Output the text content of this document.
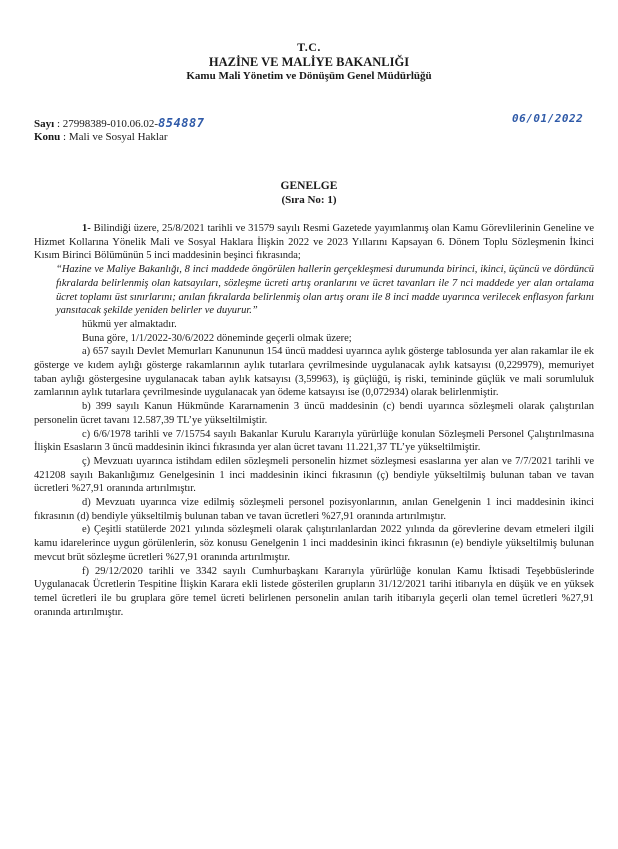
T.C.
HAZİNE VE MALİYE BAKANLIĞI
Kamu Mali Yönetim ve Dönüşüm Genel Müdürlüğü
Sayı : 27998389-010.06.02-854887	06/01/2022
Konu : Mali ve Sosyal Haklar
GENELGE
(Sıra No: 1)

1- Bilindiği üzere, 25/8/2021 tarihli ve 31579 sayılı Resmi Gazetede yayımlanmış olan Kamu Görevlilerinin Geneline ve Hizmet Kollarına Yönelik Mali ve Sosyal Haklara İlişkin 2022 ve 2023 Yıllarını Kapsayan 6. Dönem Toplu Sözleşmenin İkinci Kısım Birinci Bölümünün 5 inci maddesinin beşinci fıkrasında;

“Hazine ve Maliye Bakanlığı, 8 inci maddede öngörülen hallerin gerçekleşmesi durumunda birinci, ikinci, üçüncü ve dördüncü fıkralarda belirlenmiş olan katsayıları, sözleşme ücreti artış oranlarını ve ücret tavanları ile 7 nci maddede yer alan ortalama ücret toplamı üst sınırlarını; anılan fıkralarda belirlenmiş olan artış oranı ile 8 inci madde uyarınca verilecek enflasyon farkını yansıtacak şekilde yeniden belirler ve duyurur.”

hükmü yer almaktadır.

Buna göre, 1/1/2022-30/6/2022 döneminde geçerli olmak üzere;

a) 657 sayılı Devlet Memurları Kanununun 154 üncü maddesi uyarınca aylık gösterge tablosunda yer alan rakamlar ile ek gösterge ve kıdem aylığı gösterge rakamlarının aylık tutarlara çevrilmesinde uygulanacak aylık katsayısı (0,229979), memuriyet taban aylığı göstergesine uygulanacak taban aylık katsayısı (3,59963), iş güçlüğü, iş riski, temininde güçlük ve mali sorumluluk zamlarının aylık tutarlara çevrilmesinde uygulanacak yan ödeme katsayısı ise (0,072934) olarak belirlenmiştir.

b) 399 sayılı Kanun Hükmünde Kararnamenin 3 üncü maddesinin (c) bendi uyarınca sözleşmeli olarak çalıştırılan personelin ücret tavanı 12.587,39 TL’ye yükseltilmiştir.

c) 6/6/1978 tarihli ve 7/15754 sayılı Bakanlar Kurulu Kararıyla yürürlüğe konulan Sözleşmeli Personel Çalıştırılmasına İlişkin Esasların 3 üncü maddesinin ikinci fıkrasında yer alan ücret tavanı 11.221,37 TL’ye yükseltilmiştir.

ç) Mevzuatı uyarınca istihdam edilen sözleşmeli personelin hizmet sözleşmesi esaslarına yer alan ve 7/7/2021 tarihli ve 421208 sayılı Bakanlığımız Genelgesinin 1 inci maddesinin ikinci fıkrasının (ç) bendiyle yükseltilmiş bulunan taban ve tavan ücretleri %27,91 oranında artırılmıştır.

d) Mevzuatı uyarınca vize edilmiş sözleşmeli personel pozisyonlarının, anılan Genelgenin 1 inci maddesinin ikinci fıkrasının (d) bendiyle yükseltilmiş bulunan taban ve tavan ücretleri %27,91 oranında artırılmıştır.

e) Çeşitli statülerde 2021 yılında sözleşmeli olarak çalıştırılanlardan 2022 yılında da görevlerine devam etmeleri ilgili kamu idarelerince uygun görülenlerin, söz konusu Genelgenin 1 inci maddesinin ikinci fıkrasının (e) bendiyle yükseltilmiş bulunan mevcut brüt sözleşme ücretleri %27,91 oranında artırılmıştır.

f) 29/12/2020 tarihli ve 3342 sayılı Cumhurbaşkanı Kararıyla yürürlüğe konulan Kamu İktisadi Teşebbüslerinde Uygulanacak Ücretlerin Tespitine İlişkin Karara ekli listede gösterilen grupların 31/12/2021 tarihi itibarıyla en düşük ve en yüksek temel ücretleri ile bu gruplara göre temel ücreti belirlenen personelin anılan tarih itibarıyla geçerli olan temel ücretleri %27,91 oranında artırılmıştır.
